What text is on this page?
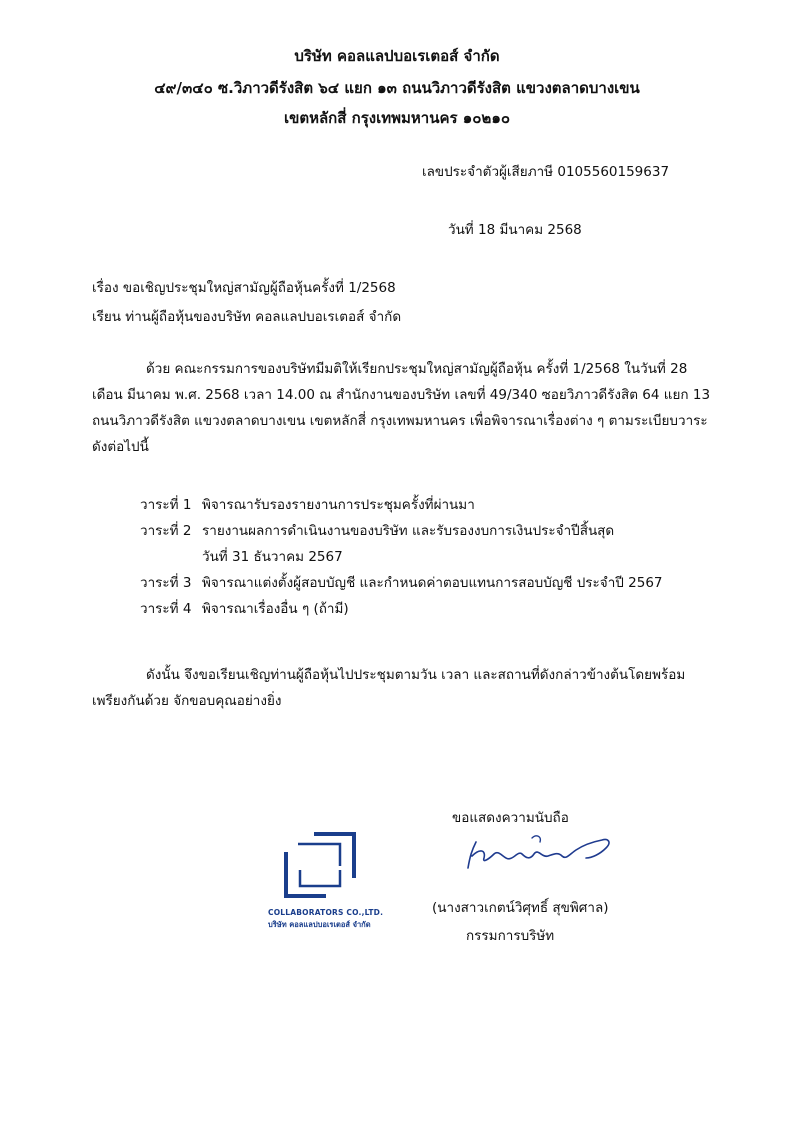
บริษัท คอลแลปบอเรเตอส์ จำกัด
๔๙/๓๔๐ ซ.วิภาวดีรังสิต ๖๔ แยก ๑๓ ถนนวิภาวดีรังสิต แขวงตลาดบางเขน
เขตหลักสี่ กรุงเทพมหานคร ๑๐๒๑๐
เลขประจำตัวผู้เสียภาษี 0105560159637
วันที่ 18 มีนาคม 2568
เรื่อง ขอเชิญประชุมใหญ่สามัญผู้ถือหุ้นครั้งที่ 1/2568
เรียน ท่านผู้ถือหุ้นของบริษัท คอลแลปบอเรเตอส์ จำกัด
ด้วย คณะกรรมการของบริษัทมีมติให้เรียกประชุมใหญ่สามัญผู้ถือหุ้น ครั้งที่ 1/2568 ในวันที่ 28
เดือน มีนาคม พ.ศ. 2568 เวลา 14.00 ณ สำนักงานของบริษัท เลขที่ 49/340 ซอยวิภาวดีรังสิต 64 แยก 13
ถนนวิภาวดีรังสิต แขวงตลาดบางเขน เขตหลักสี่ กรุงเทพมหานคร เพื่อพิจารณาเรื่องต่าง ๆ ตามระเบียบวาระ
ดังต่อไปนี้
วาระที่ 1 พิจารณารับรองรายงานการประชุมครั้งที่ผ่านมา
วาระที่ 2 รายงานผลการดำเนินงานของบริษัท และรับรองงบการเงินประจำปีสิ้นสุด
วันที่ 31 ธันวาคม 2567
วาระที่ 3 พิจารณาแต่งตั้งผู้สอบบัญชี และกำหนดค่าตอบแทนการสอบบัญชี ประจำปี 2567
วาระที่ 4 พิจารณาเรื่องอื่น ๆ (ถ้ามี)
ดังนั้น จึงขอเรียนเชิญท่านผู้ถือหุ้นไปประชุมตามวัน เวลา และสถานที่ดังกล่าวข้างต้นโดยพร้อม
เพรียงกันด้วย จักขอบคุณอย่างยิ่ง
ขอแสดงความนับถือ
COLLABORATORS CO.,LTD.
บริษัท คอลแลปบอเรเตอส์ จำกัด
(นางสาวเกตน์วิศุทธิ์ สุขพิศาล)
กรรมการบริษัท
